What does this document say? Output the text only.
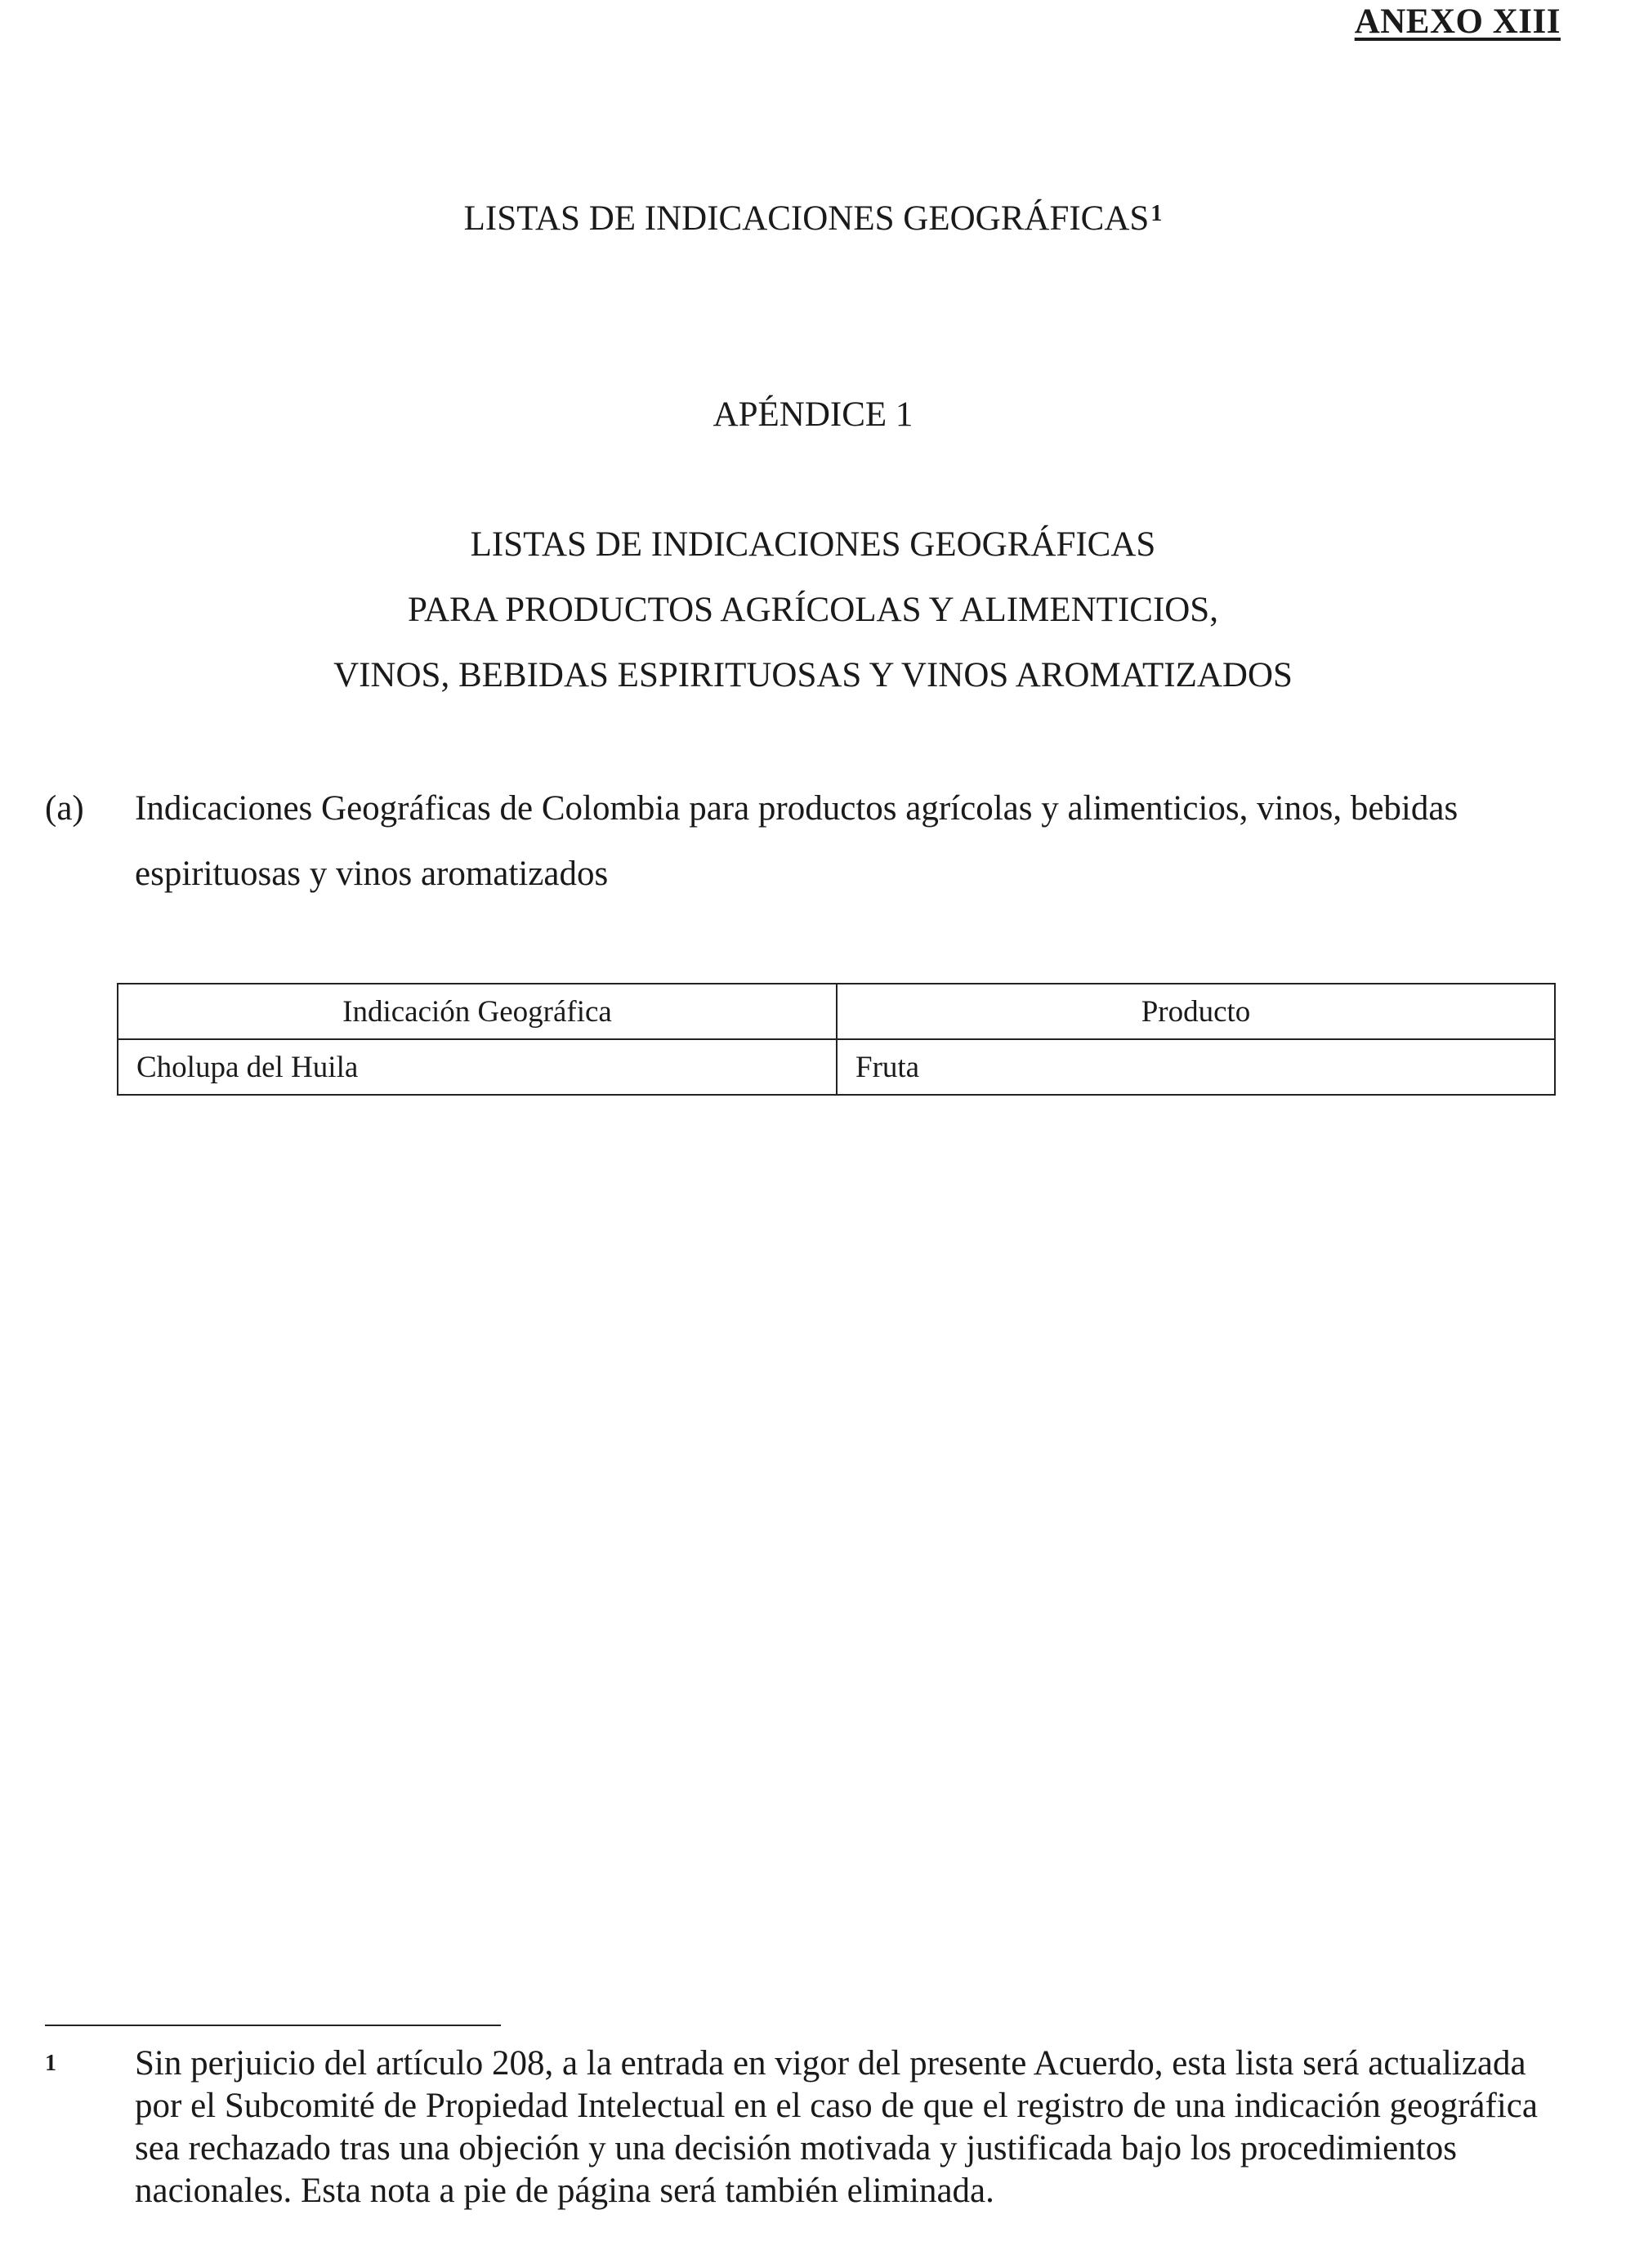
ANEXO XIII
LISTAS DE INDICACIONES GEOGRÁFICAS$^1$
APÉNDICE 1
LISTAS DE INDICACIONES GEOGRÁFICAS
PARA PRODUCTOS AGRÍCOLAS Y ALIMENTICIOS,
VINOS, BEBIDAS ESPIRITUOSAS Y VINOS AROMATIZADOS
(a) Indicaciones Geográficas de Colombia para productos agrícolas y alimenticios, vinos, bebidas espirituosas y vinos aromatizados
Indicación Geográfica	Producto
Cholupa del Huila	Fruta
1 Sin perjuicio del artículo 208, a la entrada en vigor del presente Acuerdo, esta lista será actualizada por el Subcomité de Propiedad Intelectual en el caso de que el registro de una indicación geográfica sea rechazado tras una objeción y una decisión motivada y justificada bajo los procedimientos nacionales. Esta nota a pie de página será también eliminada.
